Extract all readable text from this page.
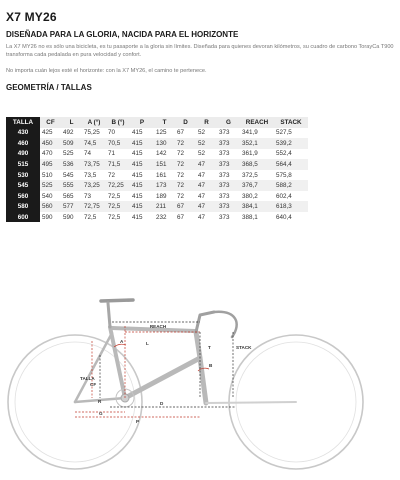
X7 MY26
DISEÑADA PARA LA GLORIA, NACIDA PARA EL HORIZONTE
La X7 MY26 no es sólo una bicicleta, es tu pasaporte a la gloria sin límites. Diseñada para quienes devoran kilómetros, su cuadro de carbono TorayCa T900 transforma cada pedalada en pura velocidad y confort.
No importa cuán lejos esté el horizonte: con la X7 MY26, el camino te pertenece.
GEOMETRÍA / TALLAS
TALLA	CF	L	A (°)	B (°)	P	T	D	R	G	REACH	STACK
430	425	492	75,25	70	415	125	67	52	373	341,9	527,5
460	450	509	74,5	70,5	415	130	72	52	373	352,1	539,2
490	470	525	74	71	415	142	72	52	373	361,9	552,4
515	495	536	73,75	71,5	415	151	72	47	373	368,5	564,4
530	510	545	73,5	72	415	161	72	47	373	372,5	575,8
545	525	555	73,25	72,25	415	173	72	47	373	376,7	588,2
560	540	565	73	72,5	415	189	72	47	373	380,2	602,4
580	560	577	72,75	72,5	415	211	67	47	373	384,1	618,3
600	590	590	72,5	72,5	415	232	67	47	373	388,1	640,4
REACH
STACK
TALLA
CF
A
B
L
T
R
G
D
P
